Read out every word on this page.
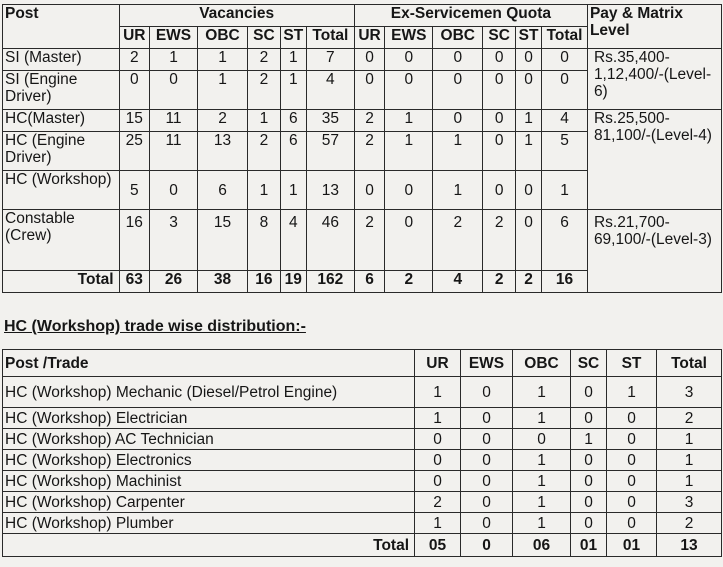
Post	Vacancies						Ex-Servicemen Quota						Pay & Matrix Level
	UR	EWS	OBC	SC	ST	Total	UR	EWS	OBC	SC	ST	Total	
SI (Master)	2	1	1	2	1	7	0	0	0	0	0	0	Rs.35,400-1,12,400/-(Level-6)
SI (Engine Driver)	0	0	1	2	1	4	0	0	0	0	0	0	
HC(Master)	15	11	2	1	6	35	2	1	0	0	1	4	Rs.25,500-81,100/-(Level-4)
HC (Engine Driver)	25	11	13	2	6	57	2	1	1	0	1	5	
HC (Workshop)	5	0	6	1	1	13	0	0	1	0	0	1	
Constable (Crew)	16	3	15	8	4	46	2	0	2	2	0	6	Rs.21,700-69,100/-(Level-3)
Total	63	26	38	16	19	162	6	2	4	2	2	16	
HC (Workshop) trade wise distribution:-
Post /Trade	UR	EWS	OBC	SC	ST	Total
HC (Workshop) Mechanic (Diesel/Petrol Engine)	1	0	1	0	1	3
HC (Workshop) Electrician	1	0	1	0	0	2
HC (Workshop) AC Technician	0	0	0	1	0	1
HC (Workshop) Electronics	0	0	1	0	0	1
HC (Workshop) Machinist	0	0	1	0	0	1
HC (Workshop) Carpenter	2	0	1	0	0	3
HC (Workshop) Plumber	1	0	1	0	0	2
Total	05	0	06	01	01	13
